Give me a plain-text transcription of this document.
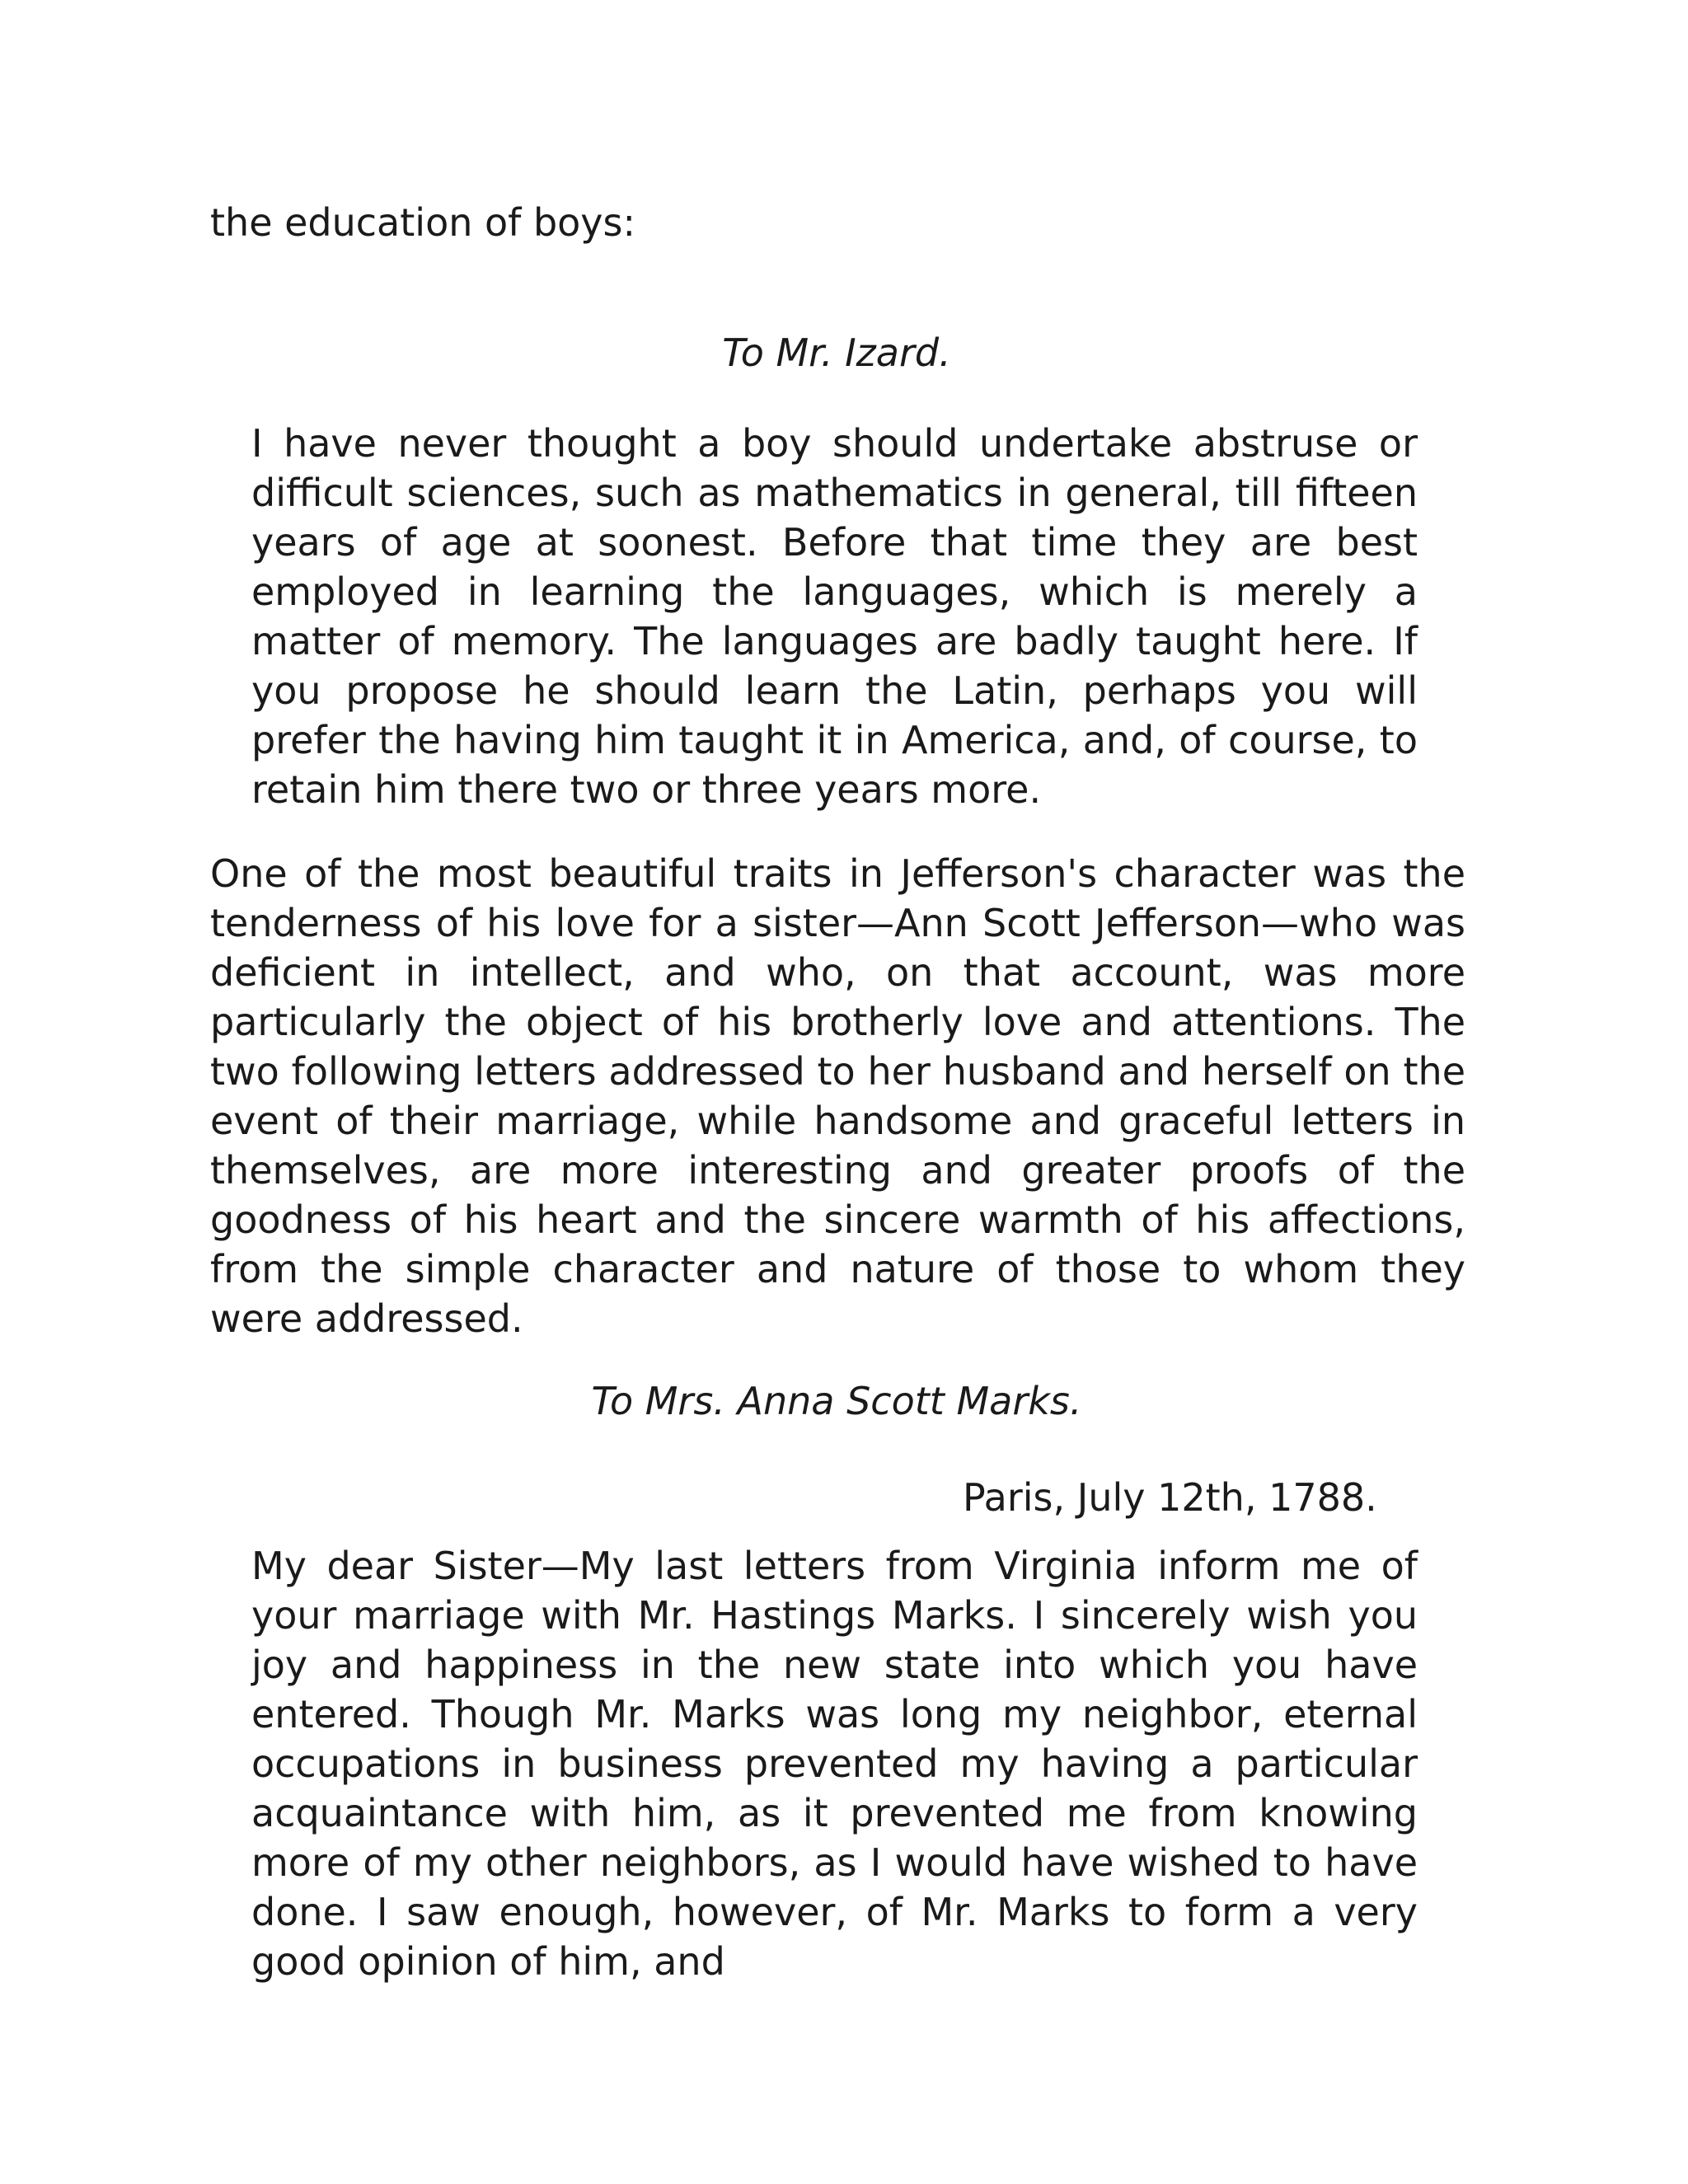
the education of boys:

To Mr. Izard.

I have never thought a boy should undertake abstruse or difficult sciences, such as mathematics in general, till fifteen years of age at soonest. Before that time they are best employed in learning the languages, which is merely a matter of memory. The languages are badly taught here. If you propose he should learn the Latin, perhaps you will prefer the having him taught it in America, and, of course, to retain him there two or three years more.

One of the most beautiful traits in Jefferson's character was the tenderness of his love for a sister—Ann Scott Jefferson—who was deficient in intellect, and who, on that account, was more particularly the object of his brotherly love and attentions. The two following letters addressed to her husband and herself on the event of their marriage, while handsome and graceful letters in themselves, are more interesting and greater proofs of the goodness of his heart and the sincere warmth of his affections, from the simple character and nature of those to whom they were addressed.

To Mrs. Anna Scott Marks.

Paris, July 12th, 1788.

My dear Sister—My last letters from Virginia inform me of your marriage with Mr. Hastings Marks. I sincerely wish you joy and happiness in the new state into which you have entered. Though Mr. Marks was long my neighbor, eternal occupations in business prevented my having a particular acquaintance with him, as it prevented me from knowing more of my other neighbors, as I would have wished to have done. I saw enough, however, of Mr. Marks to form a very good opinion of him, and
